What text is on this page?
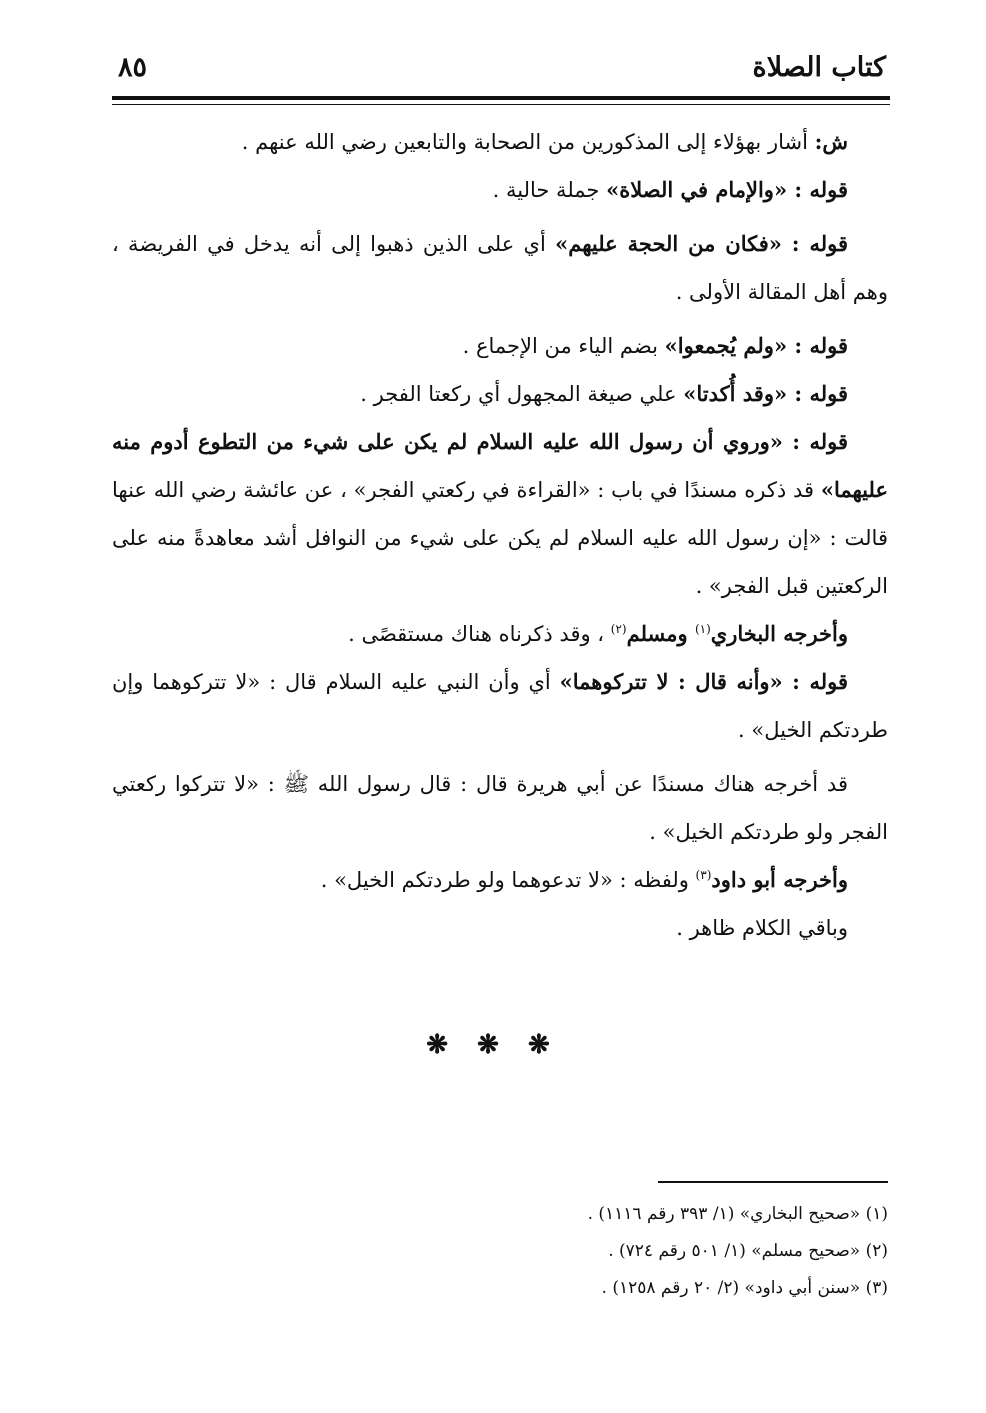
كتاب الصلاة
٨٥

ش: أشار بهؤلاء إلى المذكورين من الصحابة والتابعين رضي الله عنهم .

قوله : «والإمام في الصلاة» جملة حالية .

قوله : «فكان من الحجة عليهم» أي على الذين ذهبوا إلى أنه يدخل في الفريضة ، وهم أهل المقالة الأولى .

قوله : «ولم يُجمعوا» بضم الياء من الإجماع .

قوله : «وقد أُكدتا» علي صيغة المجهول أي ركعتا الفجر .

قوله : «وروي أن رسول الله عليه السلام لم يكن على شيء من التطوع أدوم منه عليهما» قد ذكره مسندًا في باب : «القراءة في ركعتي الفجر» ، عن عائشة رضي الله عنها قالت : «إن رسول الله عليه السلام لم يكن على شيء من النوافل أشد معاهدةً منه على الركعتين قبل الفجر» .

وأخرجه البخاري$^{(١)}$ ومسلم$^{(٢)}$ ، وقد ذكرناه هناك مستقصًى .

قوله : «وأنه قال : لا تتركوهما» أي وأن النبي عليه السلام قال : «لا تتركوهما وإن طردتكم الخيل» .

قد أخرجه هناك مسندًا عن أبي هريرة قال : قال رسول الله ﷺ : «لا تتركوا ركعتي الفجر ولو طردتكم الخيل» .

وأخرجه أبو داود$^{(٣)}$ ولفظه : «لا تدعوهما ولو طردتكم الخيل» .

وباقي الكلام ظاهر .

❋ ❋ ❋
(١) «صحيح البخاري» (١/ ٣٩٣ رقم ١١١٦) .
(٢) «صحيح مسلم» (١/ ٥٠١ رقم ٧٢٤) .
(٣) «سنن أبي داود» (٢/ ٢٠ رقم ١٢٥٨) .
